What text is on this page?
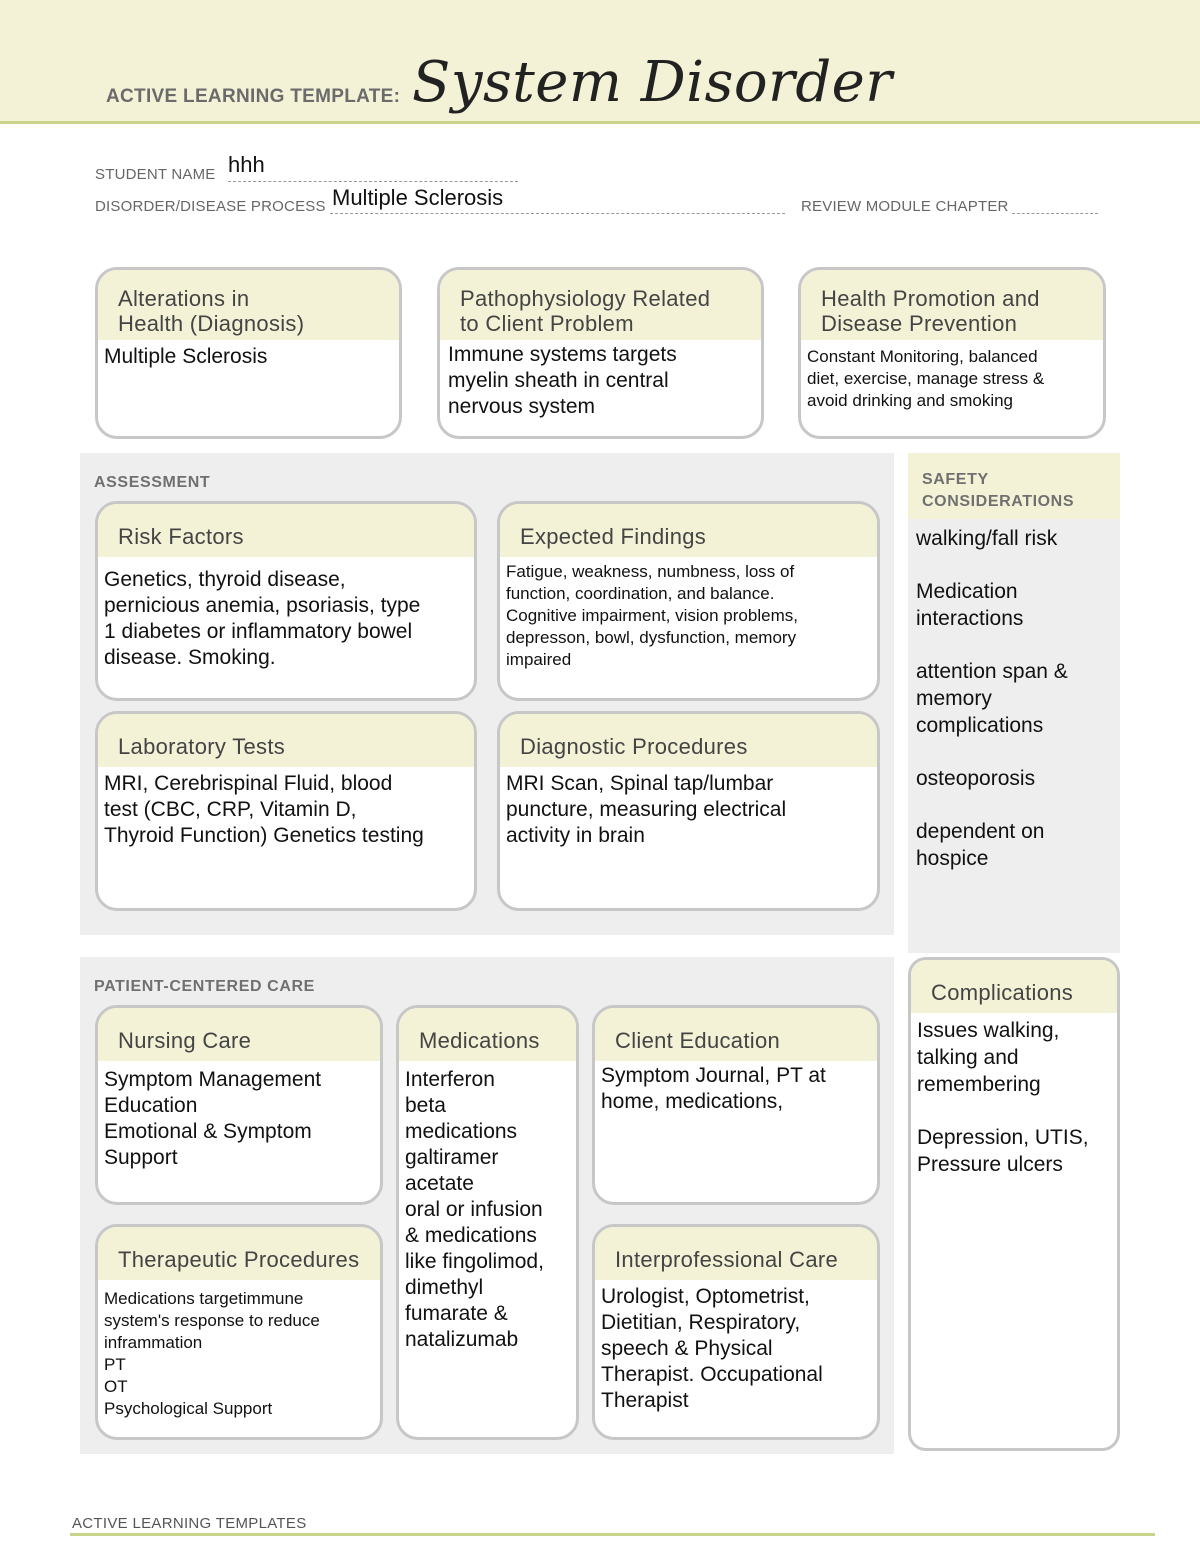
ACTIVE LEARNING TEMPLATE: System Disorder
STUDENT NAME hhh
DISORDER/DISEASE PROCESS Multiple Sclerosis	REVIEW MODULE CHAPTER
Alterations in
Health (Diagnosis)
Multiple Sclerosis
Pathophysiology Related
to Client Problem
Immune systems targets
myelin sheath in central
nervous system
Health Promotion and
Disease Prevention
Constant Monitoring, balanced
diet, exercise, manage stress &
avoid drinking and smoking
ASSESSMENT
Risk Factors
Genetics, thyroid disease,
pernicious anemia, psoriasis, type
1 diabetes or inflammatory bowel
disease. Smoking.
Expected Findings
Fatigue, weakness, numbness, loss of
function, coordination, and balance.
Cognitive impairment, vision problems,
depresson, bowl, dysfunction, memory
impaired
Laboratory Tests
MRI, Cerebrispinal Fluid, blood
test (CBC, CRP, Vitamin D,
Thyroid Function) Genetics testing
Diagnostic Procedures
MRI Scan, Spinal tap/lumbar
puncture, measuring electrical
activity in brain
SAFETY
CONSIDERATIONS
walking/fall risk
Medication
interactions
attention span &
memory
complications
osteoporosis
dependent on
hospice
PATIENT-CENTERED CARE
Nursing Care
Symptom Management
Education
Emotional & Symptom
Support
Medications
Interferon
beta
medications
galtiramer
acetate
oral or infusion
& medications
like fingolimod,
dimethyl
fumarate &
natalizumab
Client Education
Symptom Journal, PT at
home, medications,
Therapeutic Procedures
Medications targetimmune
system's response to reduce
inframmation
PT
OT
Psychological Support
Interprofessional Care
Urologist, Optometrist,
Dietitian, Respiratory,
speech & Physical
Therapist. Occupational
Therapist
Complications
Issues walking,
talking and
remembering
Depression, UTIS,
Pressure ulcers
ACTIVE LEARNING TEMPLATES
